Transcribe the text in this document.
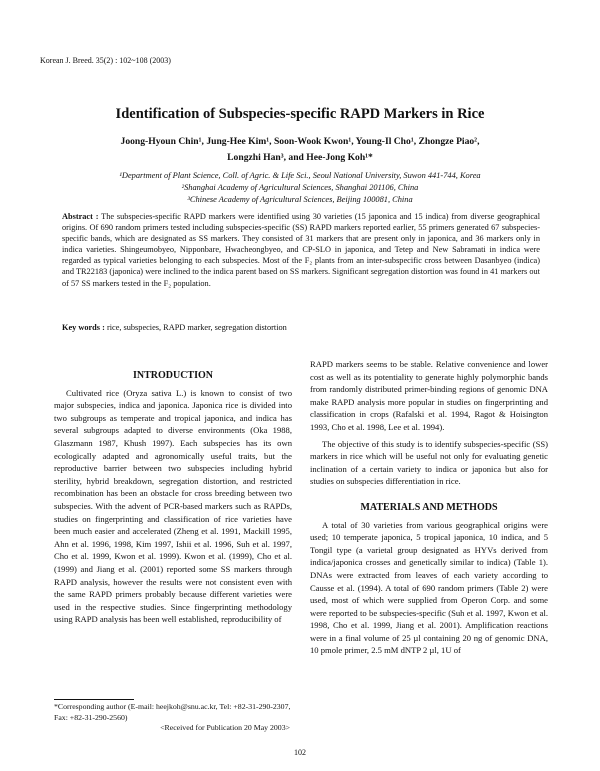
Korean J. Breed. 35(2) : 102~108 (2003)
Identification of Subspecies-specific RAPD Markers in Rice
Joong-Hyoun Chin¹, Jung-Hee Kim¹, Soon-Wook Kwon¹, Young-Il Cho¹, Zhongze Piao²,
Longzhi Han³, and Hee-Jong Koh¹*
¹Department of Plant Science, Coll. of Agric. & Life Sci., Seoul National University, Suwon 441-744, Korea
²Shanghai Academy of Agricultural Sciences, Shanghai 201106, China
³Chinese Academy of Agricultural Sciences, Beijing 100081, China
Abstract : The subspecies-specific RAPD markers were identified using 30 varieties (15 japonica and 15 indica) from diverse geographical origins. Of 690 random primers tested including subspecies-specific (SS) RAPD markers reported earlier, 55 primers generated 67 subspecies-specific bands, which are designated as SS markers. They consisted of 31 markers that are present only in japonica, and 36 markers only in indica varieties. Shingeumobyeo, Nipponbare, Hwacheongbyeo, and CP-SLO in japonica, and Tetep and New Sabramati in indica were regarded as typical varieties belonging to each subspecies. Most of the F₂ plants from an inter-subspecific cross between Dasanbyeo (indica) and TR22183 (japonica) were inclined to the indica parent based on SS markers. Significant segregation distortion was found in 41 markers out of 57 SS markers tested in the F₂ population.
Key words : rice, subspecies, RAPD marker, segregation distortion

INTRODUCTION

Cultivated rice (Oryza sativa L.) is known to consist of two major subspecies, indica and japonica. Japonica rice is divided into two subgroups as temperate and tropical japonica, and indica has several subgroups adapted to diverse environments (Oka 1988, Glaszmann 1987, Khush 1997). Each subspecies has its own ecologically adapted and agronomically useful traits, but the reproductive barrier between two subspecies including hybrid sterility, hybrid breakdown, segregation distortion, and restricted recombination has been an obstacle for cross breeding between two subspecies. With the advent of PCR-based markers such as RAPDs, studies on fingerprinting and classification of rice varieties have been much easier and accelerated (Zheng et al. 1991, Mackill 1995, Ahn et al. 1996, 1998, Kim 1997, Ishii et al. 1996, Suh et al. 1997, Cho et al. 1999, Kwon et al. 1999). Kwon et al. (1999), Cho et al. (1999) and Jiang et al. (2001) reported some SS markers through RAPD analysis, however the results were not consistent even with the same RAPD primers probably because different varieties were used in the respective studies. Since fingerprinting methodology using RAPD analysis has been well established, reproducibility of

RAPD markers seems to be stable. Relative convenience and lower cost as well as its potentiality to generate highly polymorphic bands from randomly distributed primer-binding regions of genomic DNA make RAPD analysis more popular in studies on fingerprinting and classification in crops (Rafalski et al. 1994, Ragot & Hoisington 1993, Cho et al. 1998, Lee et al. 1994).

The objective of this study is to identify subspecies-specific (SS) markers in rice which will be useful not only for evaluating genetic inclination of a certain variety to indica or japonica but also for studies on subspecies differentiation in rice.

MATERIALS AND METHODS

A total of 30 varieties from various geographical origins were used; 10 temperate japonica, 5 tropical japonica, 10 indica, and 5 Tongil type (a varietal group designated as HYVs derived from indica/japonica crosses and genetically similar to indica) (Table 1). DNAs were extracted from leaves of each variety according to Causse et al. (1994). A total of 690 random primers (Table 2) were used, most of which were supplied from Operon Corp. and some were reported to be subspecies-specific (Suh et al. 1997, Kwon et al. 1998, Cho et al. 1999, Jiang et al. 2001). Amplification reactions were in a final volume of 25 µl containing 20 ng of genomic DNA, 10 pmole primer, 2.5 mM dNTP 2 µl, 1U of

*Corresponding author (E-mail: heejkoh@snu.ac.kr, Tel: +82-31-290-2307, Fax: +82-31-290-2560)
<Received for Publication 20 May 2003>
102
